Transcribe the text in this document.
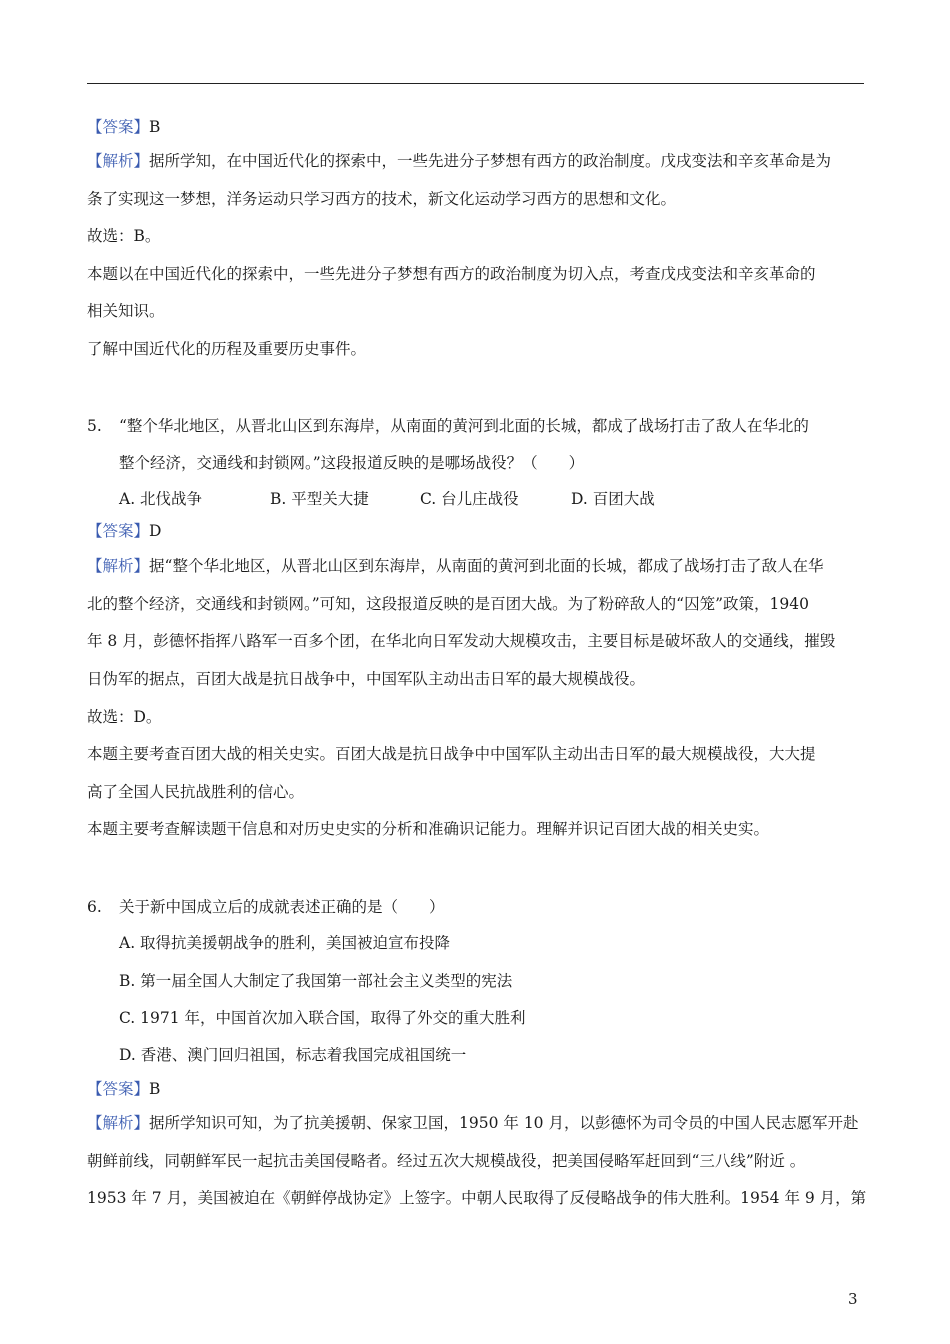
【答案】B
【解析】据所学知，在中国近代化的探索中，一些先进分子梦想有西方的政治制度。戊戌变法和辛亥革命是为
条了实现这一梦想，洋务运动只学习西方的技术，新文化运动学习西方的思想和文化。
故选：B。
本题以在中国近代化的探索中，一些先进分子梦想有西方的政治制度为切入点，考查戊戌变法和辛亥革命的
相关知识。
了解中国近代化的历程及重要历史事件。
5. “整个华北地区，从晋北山区到东海岸，从南面的黄河到北面的长城，都成了战场打击了敌人在华北的
整个经济，交通线和封锁网。”这段报道反映的是哪场战役？（　　）
A. 北伐战争	B. 平型关大捷	C. 台儿庄战役	D. 百团大战
【答案】D
【解析】据“整个华北地区，从晋北山区到东海岸，从南面的黄河到北面的长城，都成了战场打击了敌人在华
北的整个经济，交通线和封锁网。”可知，这段报道反映的是百团大战。为了粉碎敌人的“囚笼”政策，1940
年 8 月，彭德怀指挥八路军一百多个团，在华北向日军发动大规模攻击，主要目标是破坏敌人的交通线，摧毁
日伪军的据点，百团大战是抗日战争中，中国军队主动出击日军的最大规模战役。
故选：D。
本题主要考查百团大战的相关史实。百团大战是抗日战争中中国军队主动出击日军的最大规模战役，大大提
高了全国人民抗战胜利的信心。
本题主要考查解读题干信息和对历史史实的分析和准确识记能力。理解并识记百团大战的相关史实。
6. 关于新中国成立后的成就表述正确的是（　　）
A. 取得抗美援朝战争的胜利，美国被迫宣布投降
B. 第一届全国人大制定了我国第一部社会主义类型的宪法
C. 1971 年，中国首次加入联合国，取得了外交的重大胜利
D. 香港、澳门回归祖国，标志着我国完成祖国统一
【答案】B
【解析】据所学知识可知，为了抗美援朝、保家卫国，1950 年 10 月，以彭德怀为司令员的中国人民志愿军开赴
朝鲜前线，同朝鲜军民一起抗击美国侵略者。经过五次大规模战役，把美国侵略军赶回到“三八线”附近 。
1953 年 7 月，美国被迫在《朝鲜停战协定》上签字。中朝人民取得了反侵略战争的伟大胜利。1954 年 9 月，第
3
